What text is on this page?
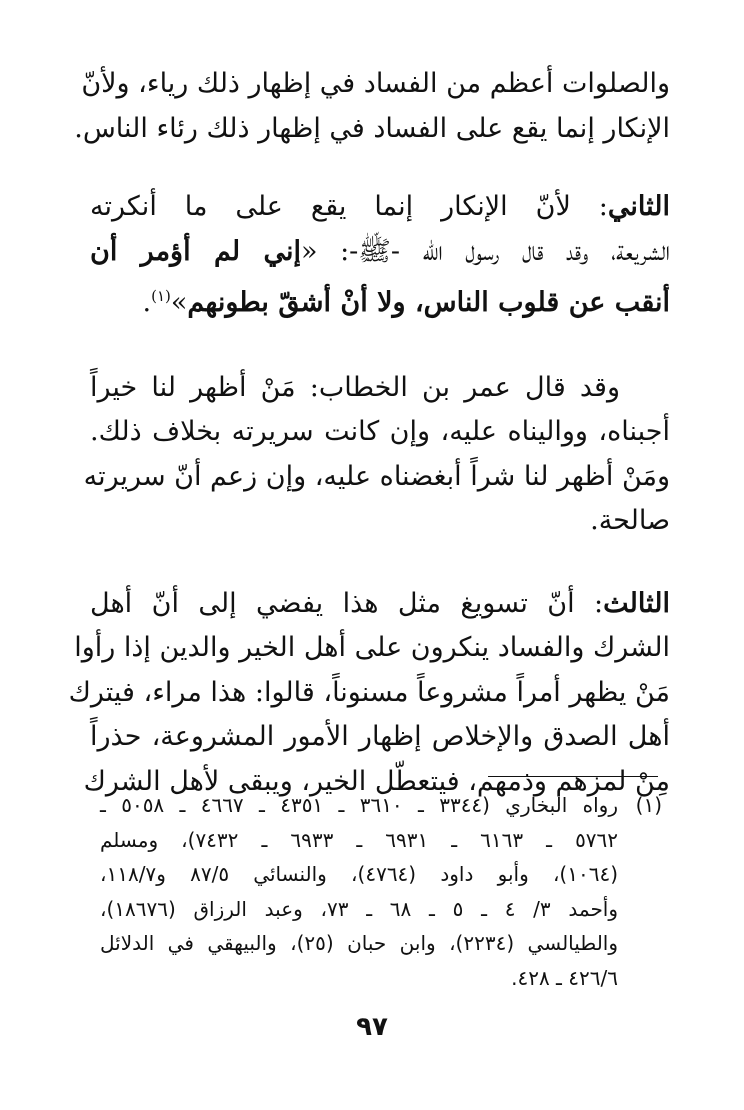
والصلوات أعظم من الفساد في إظهار ذلك رياء، ولأنّ
الإنكار إنما يقع على الفساد في إظهار ذلك رئاء الناس.

الثاني: لأنّ الإنكار إنما يقع على ما أنكرته
الشريعة، وقد قال رسول الله -ﷺ-: «إني لم أؤمر أن
أنقب عن قلوب الناس، ولا أنْ أشقّ بطونهم»$^{(١)}$.

وقد قال عمر بن الخطاب: مَنْ أظهر لنا خيراً
أجبناه، وواليناه عليه، وإن كانت سريرته بخلاف ذلك.
ومَنْ أظهر لنا شراً أبغضناه عليه، وإن زعم أنّ سريرته
صالحة.

الثالث: أنّ تسويغ مثل هذا يفضي إلى أنّ أهل
الشرك والفساد ينكرون على أهل الخير والدين إذا رأوا
مَنْ يظهر أمراً مشروعاً مسنوناً، قالوا: هذا مراء، فيترك
أهل الصدق والإخلاص إظهار الأمور المشروعة، حذراً
مِنْ لمزهم وذمهم، فيتعطّل الخير، ويبقى لأهل الشرك

(١)رواه البخاري (٣٣٤٤ ـ ٣٦١٠ ـ ٤٣٥١ ـ ٤٦٦٧ ـ ٥٠٥٨ ـ
٥٧٦٢ ـ ٦١٦٣ ـ ٦٩٣١ ـ ٦٩٣٣ ـ ٧٤٣٢)، ومسلم
(١٠٦٤)، وأبو داود (٤٧٦٤)، والنسائي ٨٧/٥ و١١٨/٧،
وأحمد ٣/ ٤ ـ ٥ ـ ٦٨ ـ ٧٣، وعبد الرزاق (١٨٦٧٦)،
والطيالسي (٢٢٣٤)، وابن حبان (٢٥)، والبيهقي في الدلائل
٤٢٦/٦ ـ ٤٢٨.
٩٧
